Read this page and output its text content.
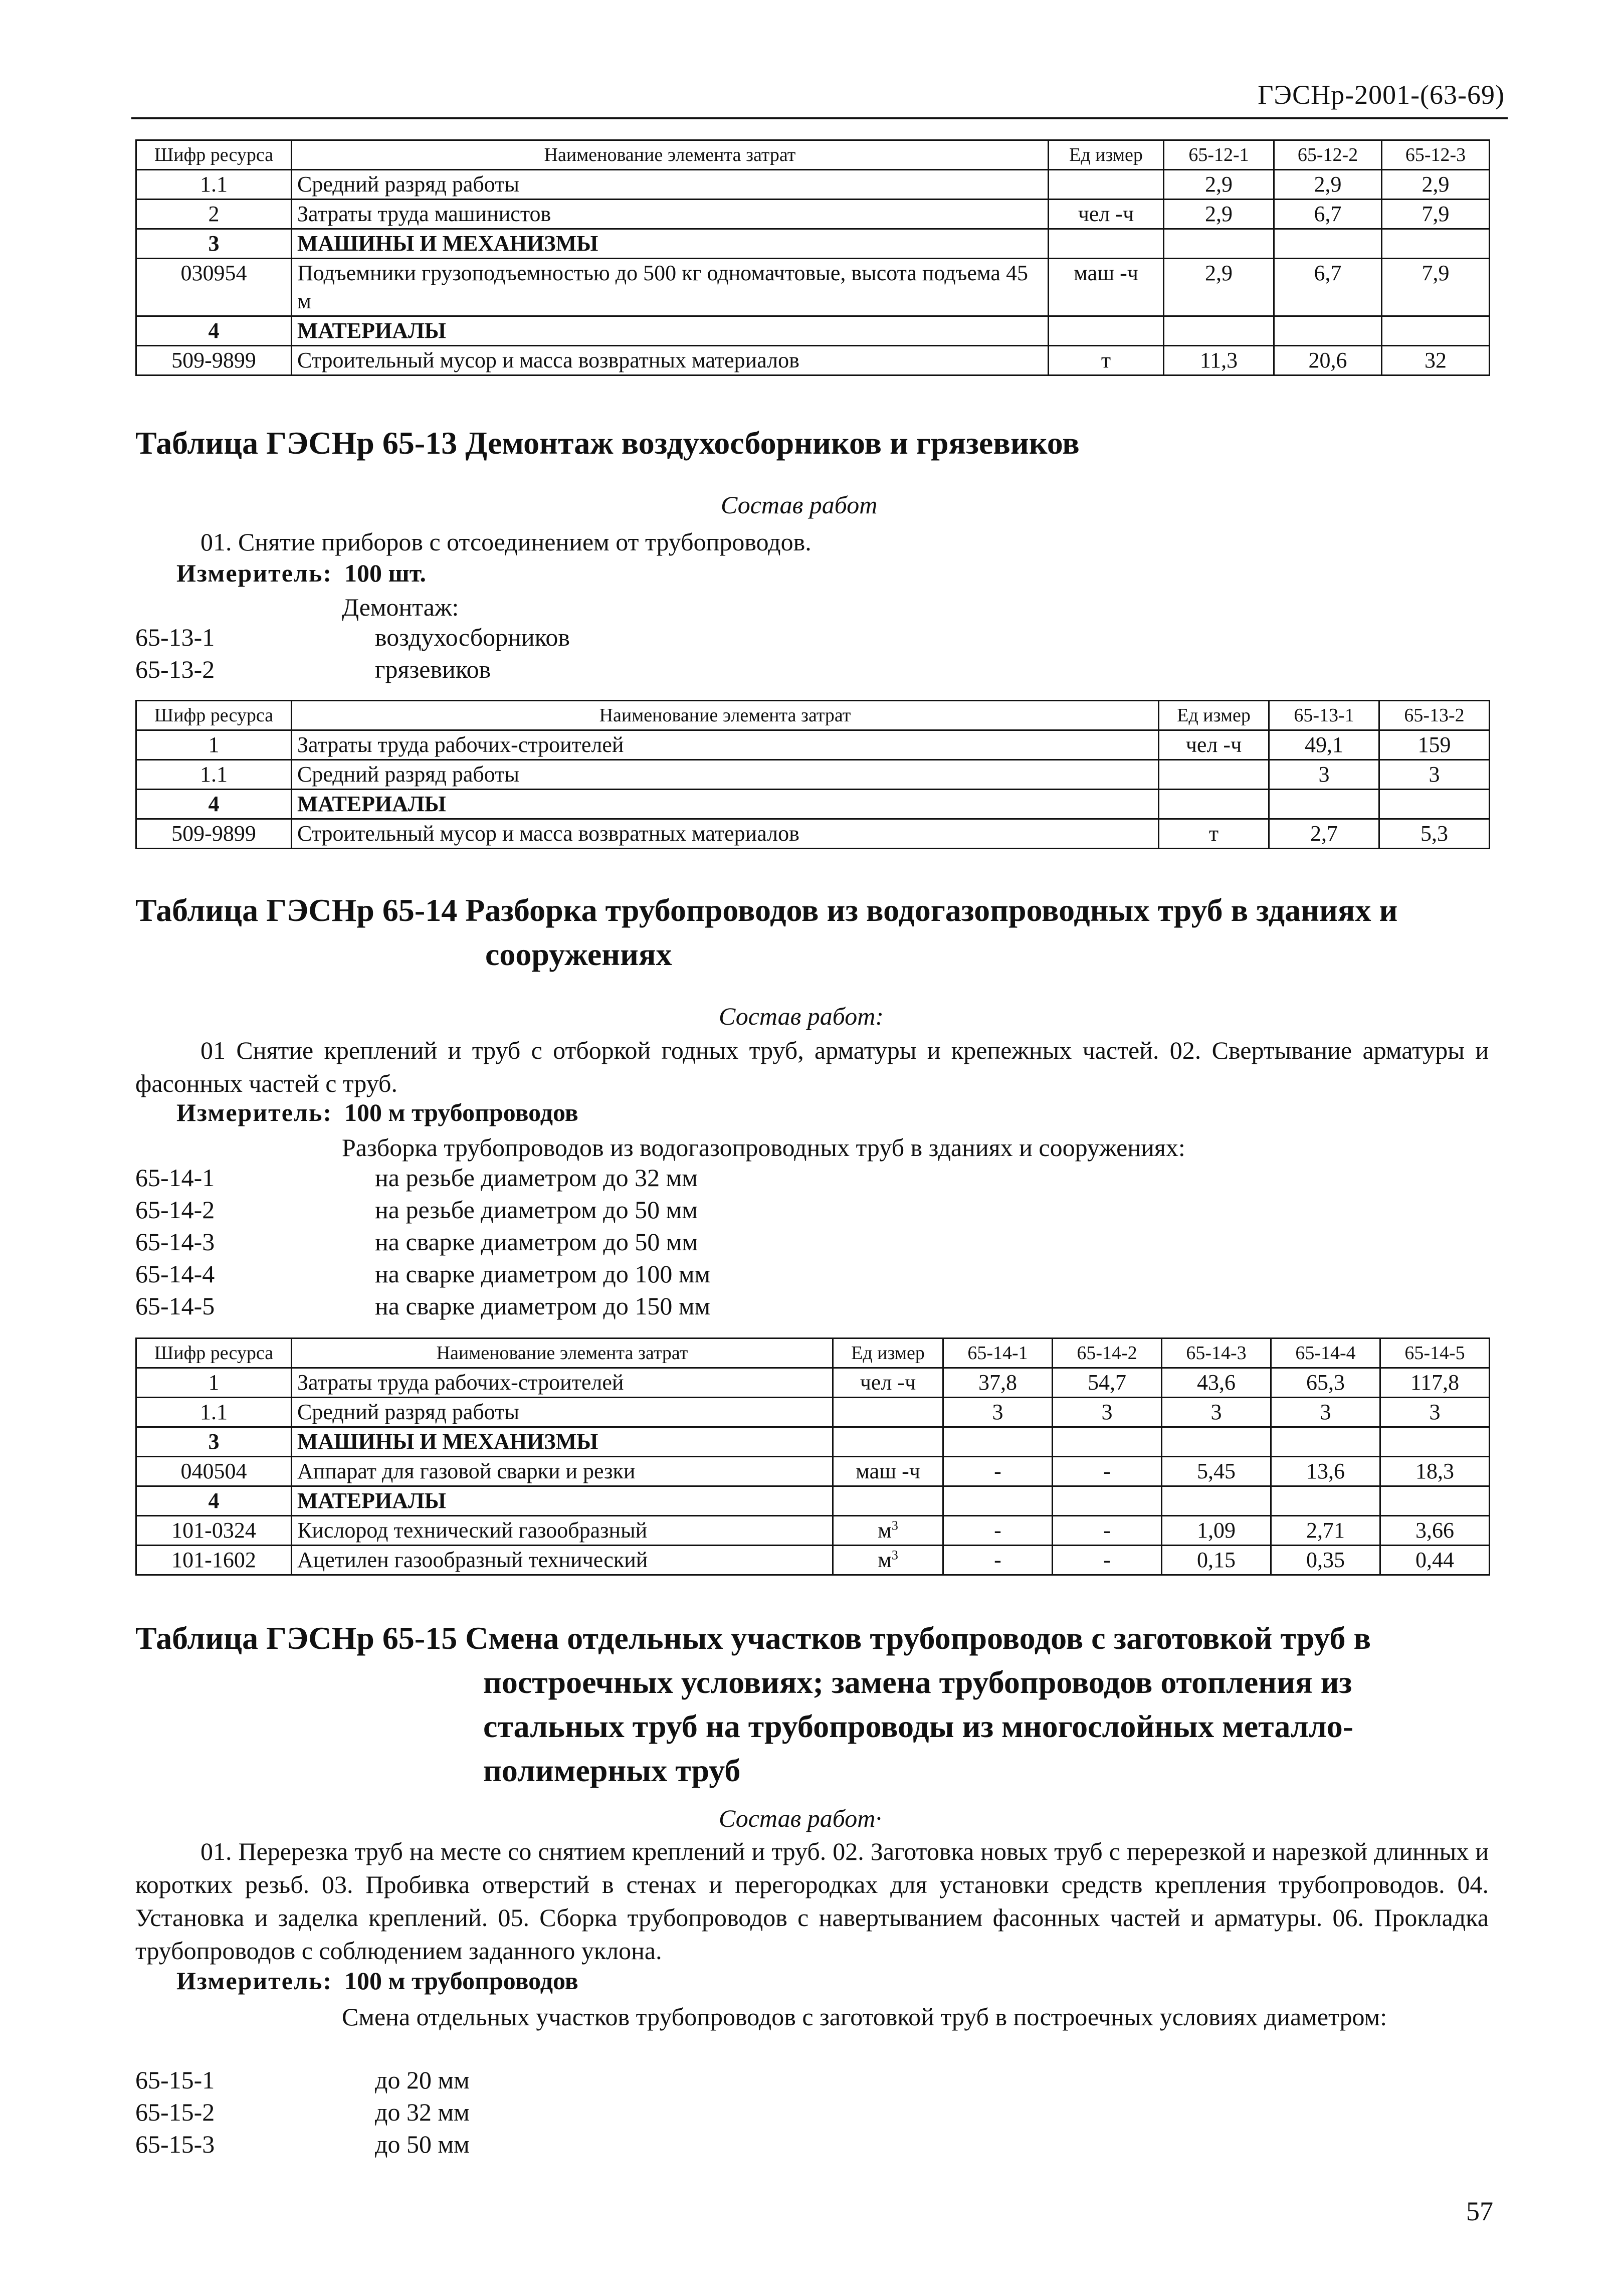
ГЭСНр-2001-(63-69)
Шифр ресурса	Наименование элемента затрат	Ед измер	65-12-1	65-12-2	65-12-3
1.1	Средний разряд работы		2,9	2,9	2,9
2	Затраты труда машинистов	чел -ч	2,9	6,7	7,9
3	МАШИНЫ И МЕХАНИЗМЫ				
030954	Подъемники грузоподъемностью до 500 кг одномачтовые, высота подъема 45 м	маш -ч	2,9	6,7	7,9
4	МАТЕРИАЛЫ				
509-9899	Строительный мусор и масса возвратных материалов	т	11,3	20,6	32
Таблица ГЭСНр 65-13 Демонтаж воздухосборников и грязевиков
Состав работ

01. Снятие приборов с отсоединением от трубопроводов.

Измеритель: 100 шт.

Демонтаж:

65-13-1	воздухосборников
65-13-2	грязевиков
Шифр ресурса	Наименование элемента затрат	Ед измер	65-13-1	65-13-2
1	Затраты труда рабочих-строителей	чел -ч	49,1	159
1.1	Средний разряд работы		3	3
4	МАТЕРИАЛЫ			
509-9899	Строительный мусор и масса возвратных материалов	т	2,7	5,3
Таблица ГЭСНр 65-14 Разборка трубопроводов из водогазопроводных труб в зданиях и
сооружениях
Состав работ:

01 Снятие креплений и труб с отборкой годных труб, арматуры и крепежных частей. 02. Свертывание арматуры и фасонных частей с труб.

Измеритель: 100 м трубопроводов

Разборка трубопроводов из водогазопроводных труб в зданиях и сооружениях:

65-14-1	на резьбе диаметром до 32 мм
65-14-2	на резьбе диаметром до 50 мм
65-14-3	на сварке диаметром до 50 мм
65-14-4	на сварке диаметром до 100 мм
65-14-5	на сварке диаметром до 150 мм
Шифр ресурса	Наименование элемента затрат	Ед измер	65-14-1	65-14-2	65-14-3	65-14-4	65-14-5
1	Затраты труда рабочих-строителей	чел -ч	37,8	54,7	43,6	65,3	117,8
1.1	Средний разряд работы		3	3	3	3	3
3	МАШИНЫ И МЕХАНИЗМЫ						
040504	Аппарат для газовой сварки и резки	маш -ч	-	-	5,45	13,6	18,3
4	МАТЕРИАЛЫ						
101-0324	Кислород технический газообразный	$м^3$	-	-	1,09	2,71	3,66
101-1602	Ацетилен газообразный технический	$м^3$	-	-	0,15	0,35	0,44
Таблица ГЭСНр 65-15 Смена отдельных участков трубопроводов с заготовкой труб в
построечных условиях; замена трубопроводов отопления из
стальных труб на трубопроводы из многослойных металло-
полимерных труб
Состав работ·

01. Перерезка труб на месте со снятием креплений и труб. 02. Заготовка новых труб с перерезкой и нарезкой длинных и коротких резьб. 03. Пробивка отверстий в стенах и перегородках для установки средств крепления трубопроводов. 04. Установка и заделка креплений. 05. Сборка трубопроводов с навертыванием фасонных частей и арматуры. 06. Прокладка трубопроводов с соблюдением заданного уклона.

Измеритель: 100 м трубопроводов

Смена отдельных участков трубопроводов с заготовкой труб в построечных условиях диаметром:

65-15-1	до 20 мм
65-15-2	до 32 мм
65-15-3	до 50 мм
57
